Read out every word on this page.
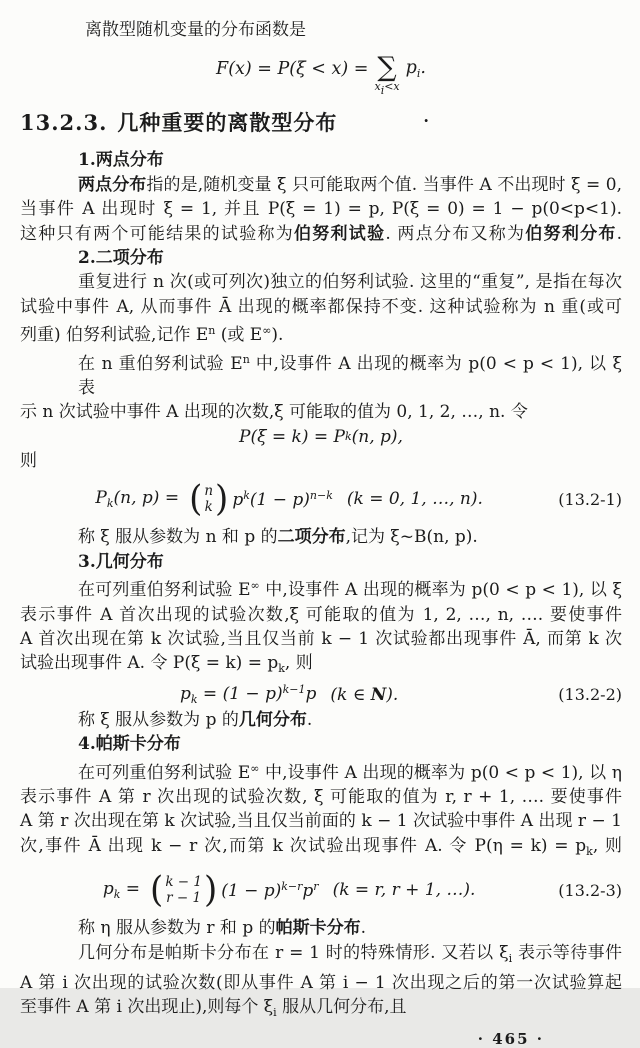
离散型随机变量的分布函数是
F(x) = P(ξ < x) = ∑
xi<x
$p_i$.
13.2.3. 几种重要的离散型分布	·
1.两点分布
两点分布指的是,随机变量 ξ 只可能取两个值. 当事件 A 不出现时 ξ = 0,
当事件 A 出现时 ξ = 1, 并且 P(ξ = 1) = p, P(ξ = 0) = 1 − p(0<p<1).
这种只有两个可能结果的试验称为伯努利试验. 两点分布又称为伯努利分布.
2.二项分布
重复进行 n 次(或可列次)独立的伯努利试验. 这里的“重复”, 是指在每次
试验中事件 A, 从而事件 Ā 出现的概率都保持不变. 这种试验称为 n 重(或可
列重) 伯努利试验,记作 $E^n$ (或 E∞).
在 n 重伯努利试验 $E^n$ 中,设事件 A 出现的概率为 p(0 < p < 1), 以 ξ 表
示 n 次试验中事件 A 出现的次数,ξ 可能取的值为 0, 1, 2, …, n. 令
P(ξ = k) = P k (n, p),
则
$P_k(n$, p) = ( n
k ) $p^k(1 - p)^{n-k}$ (k = 0, 1, …, n).	(13.2-1)
称 ξ 服从参数为 n 和 p 的二项分布,记为 ξ~B(n, p).
3.几何分布
在可列重伯努利试验 E∞ 中,设事件 A 出现的概率为 p(0 < p < 1), 以 ξ
表示事件 A 首次出现的试验次数,ξ 可能取的值为 1, 2, …, n, …. 要使事件
A 首次出现在第 k 次试验,当且仅当前 k − 1 次试验都出现事件 Ā, 而第 k 次
试验出现事件 A. 令 $P(\xi = k) = p_k$, 则
$p_k = (1 - p)^{k-1}p$ (k ∈ N).	(13.2-2)
称 ξ 服从参数为 p 的几何分布.
4.帕斯卡分布
在可列重伯努利试验 E∞ 中,设事件 A 出现的概率为 p(0 < p < 1), 以 η
表示事件 A 第 r 次出现的试验次数, ξ 可能取的值为 r, r + 1, …. 要使事件
A 第 r 次出现在第 k 次试验,当且仅当前面的 k − 1 次试验中事件 A 出现 r − 1
次,事件 Ā 出现 k − r 次,而第 k 次试验出现事件 A. 令 $P(\eta = k) = p_k$, 则
$p_k$ = ( k − 1
r − 1 ) $(1 - p)^{k-r}p^r$ (k = r, r + 1, …).	(13.2-3)
称 η 服从参数为 r 和 p 的帕斯卡分布.
几何分布是帕斯卡分布在 r = 1 时的特殊情形. 又若以 $\xi_i$ 表示等待事件
A 第 i 次出现的试验次数(即从事件 A 第 i − 1 次出现之后的第一次试验算起
至事件 A 第 i 次出现止),则每个 $\xi_i$ 服从几何分布,且
· 465 ·
